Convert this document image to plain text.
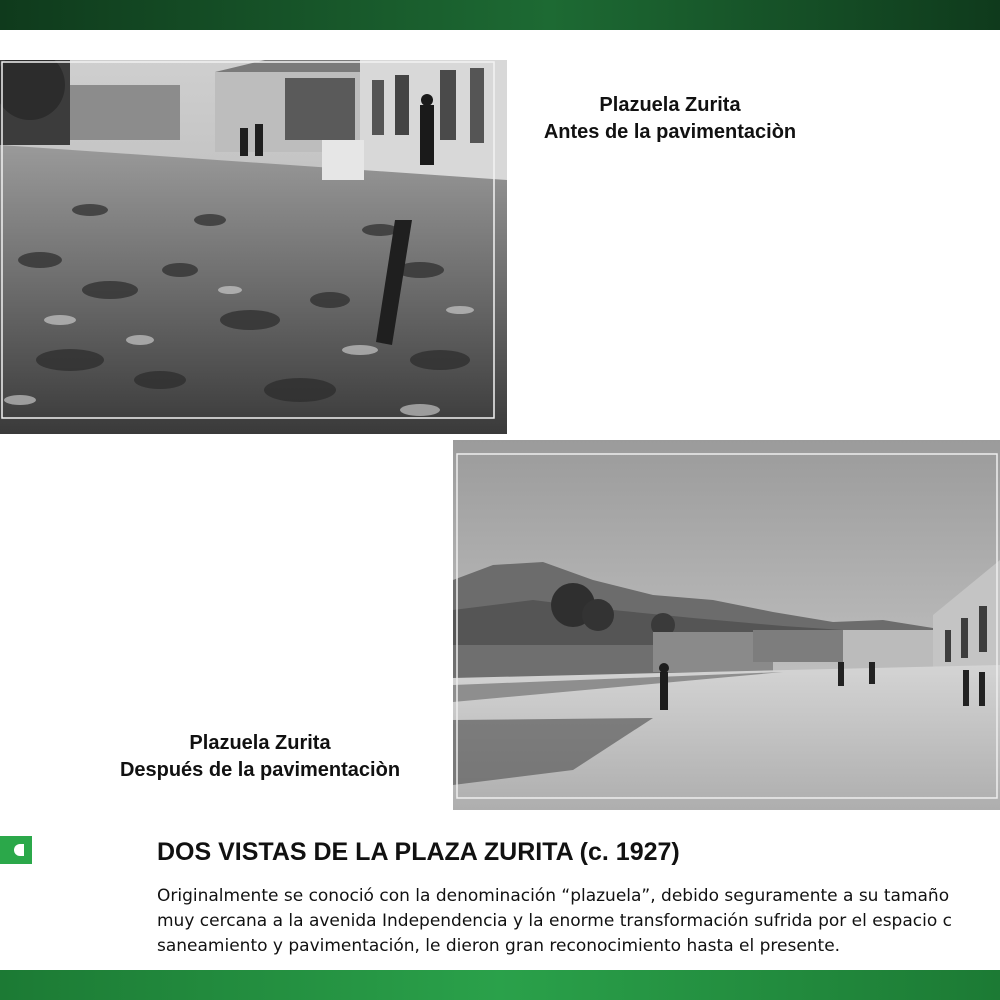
Plazuela Zurita
Antes de la pavimentaciòn
Plazuela Zurita
Después de la pavimentaciòn
DOS VISTAS DE LA PLAZA ZURITA (c. 1927)
Originalmente se conoció con la denominación “plazuela”, debido seguramente a su tamaño
muy cercana a la avenida Independencia y la enorme transformación sufrida por el espacio c
saneamiento y pavimentación, le dieron gran reconocimiento hasta el presente.
